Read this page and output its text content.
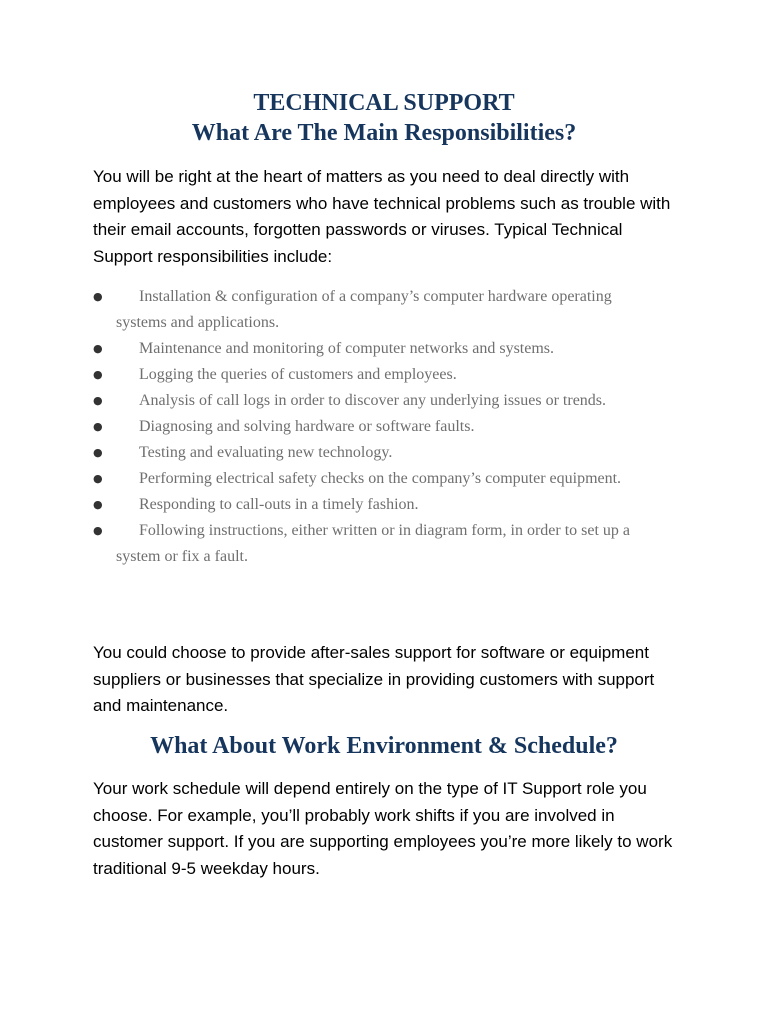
TECHNICAL SUPPORT
What Are The Main Responsibilities?

You will be right at the heart of matters as you need to deal directly with employees and customers who have technical problems such as trouble with their email accounts, forgotten passwords or viruses. Typical Technical Support responsibilities include:

● Installation & configuration of a company’s computer hardware operating systems and applications.
● Maintenance and monitoring of computer networks and systems.
● Logging the queries of customers and employees.
● Analysis of call logs in order to discover any underlying issues or trends.
● Diagnosing and solving hardware or software faults.
● Testing and evaluating new technology.
● Performing electrical safety checks on the company’s computer equipment.
● Responding to call-outs in a timely fashion.
● Following instructions, either written or in diagram form, in order to set up a system or fix a fault.

You could choose to provide after-sales support for software or equipment suppliers or businesses that specialize in providing customers with support and maintenance.

What About Work Environment & Schedule?

Your work schedule will depend entirely on the type of IT Support role you choose. For example, you’ll probably work shifts if you are involved in customer support. If you are supporting employees you’re more likely to work traditional 9-5 weekday hours.
